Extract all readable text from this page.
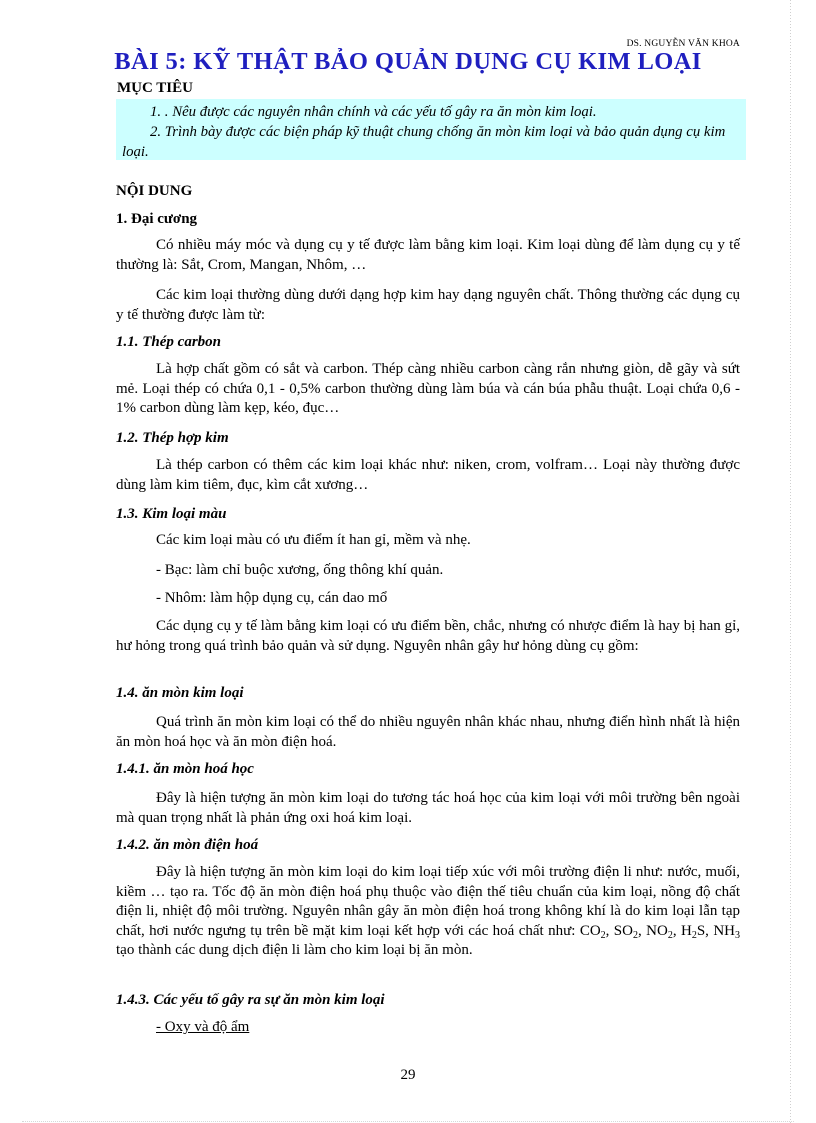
DS. NGUYỄN VĂN KHOA
BÀI 5: KỸ THẬT BẢO QUẢN DỤNG CỤ KIM LOẠI
MỤC TIÊU
1. . Nêu được các nguyên nhân chính và các yếu tố gây ra ăn mòn kim loại.
2. Trình bày được các biện pháp kỹ thuật chung chống ăn mòn kim loại và bảo quản dụng cụ kim loại.
NỘI DUNG
1. Đại cương
Có nhiều máy móc và dụng cụ y tế được làm bằng kim loại. Kim loại dùng để làm dụng cụ y tế thường là: Sắt, Crom, Mangan, Nhôm, …
Các kim loại thường dùng dưới dạng hợp kim hay dạng nguyên chất. Thông thường các dụng cụ y tế thường được làm từ:
1.1. Thép carbon
Là hợp chất gồm có sắt và carbon. Thép càng nhiều carbon càng rắn nhưng giòn, dễ gãy và sứt mẻ. Loại thép có chứa 0,1 - 0,5% carbon thường dùng làm búa và cán búa phẫu thuật. Loại chứa 0,6 - 1% carbon dùng làm kẹp, kéo, đục…
1.2. Thép hợp kim
Là thép carbon có thêm các kim loại khác như: niken, crom, volfram… Loại này thường được dùng làm kim tiêm, đục, kìm cắt xương…
1.3. Kim loại màu
Các kim loại màu có ưu điểm ít han gỉ, mềm và nhẹ.
- Bạc: làm chỉ buộc xương, ống thông khí quản.
- Nhôm: làm hộp dụng cụ, cán dao mổ
Các dụng cụ y tế làm bằng kim loại có ưu điểm bền, chắc, nhưng có nhược điểm là hay bị han gỉ, hư hỏng trong quá trình bảo quản và sử dụng. Nguyên nhân gây hư hỏng dùng cụ gồm:
1.4. ăn mòn kim loại
Quá trình ăn mòn kim loại có thể do nhiều nguyên nhân khác nhau, nhưng điển hình nhất là hiện ăn mòn hoá học và ăn mòn điện hoá.
1.4.1. ăn mòn hoá học
Đây là hiện tượng ăn mòn kim loại do tương tác hoá học của kim loại với môi trường bên ngoài mà quan trọng nhất là phản ứng oxi hoá kim loại.
1.4.2. ăn mòn điện hoá
Đây là hiện tượng ăn mòn kim loại do kim loại tiếp xúc với môi trường điện li như: nước, muối, kiềm … tạo ra. Tốc độ ăn mòn điện hoá phụ thuộc vào điện thế tiêu chuẩn của kim loại, nồng độ chất điện li, nhiệt độ môi trường. Nguyên nhân gây ăn mòn điện hoá trong không khí là do kim loại lẫn tạp chất, hơi nước ngưng tụ trên bề mặt kim loại kết hợp với các hoá chất như: $CO_2$, $SO_2$, $NO_2$, $H_2S$, $NH_3$ tạo thành các dung dịch điện li làm cho kim loại bị ăn mòn.
1.4.3. Các yếu tố gây ra sự ăn mòn kim loại
- Oxy và độ ẩm
29
